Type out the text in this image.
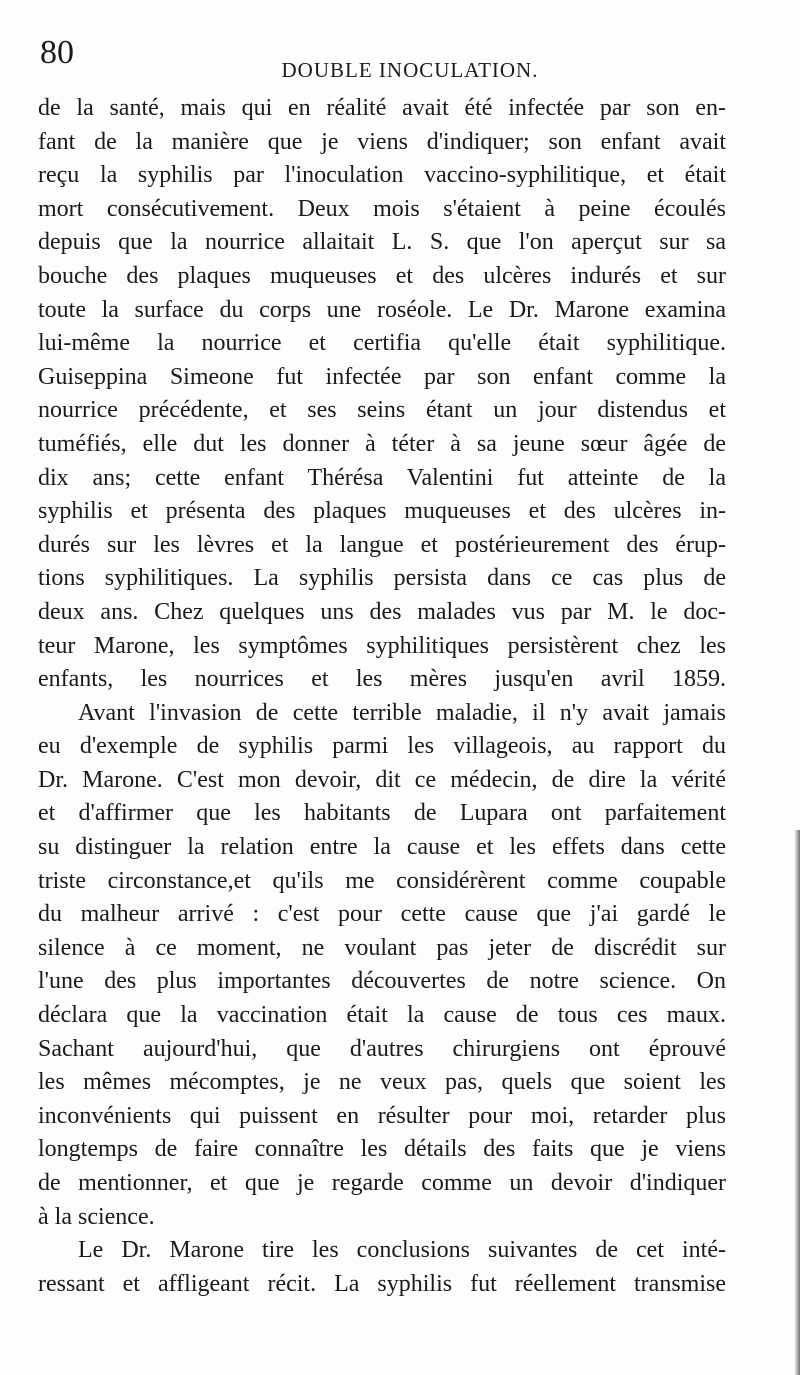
80	DOUBLE INOCULATION.
de la santé, mais qui en réalité avait été infectée par son en-
fant de la manière que je viens d'indiquer; son enfant avait
reçu la syphilis par l'inoculation vaccino-syphilitique, et était
mort consécutivement. Deux mois s'étaient à peine écoulés
depuis que la nourrice allaitait L. S. que l'on aperçut sur sa
bouche des plaques muqueuses et des ulcères indurés et sur
toute la surface du corps une roséole. Le Dr. Marone examina
lui-même la nourrice et certifia qu'elle était syphilitique.
Guiseppina Simeone fut infectée par son enfant comme la
nourrice précédente, et ses seins étant un jour distendus et
tuméfiés, elle dut les donner à téter à sa jeune sœur âgée de
dix ans; cette enfant Thérésa Valentini fut atteinte de la
syphilis et présenta des plaques muqueuses et des ulcères in-
durés sur les lèvres et la langue et postérieurement des érup-
tions syphilitiques. La syphilis persista dans ce cas plus de
deux ans. Chez quelques uns des malades vus par M. le doc-
teur Marone, les symptômes syphilitiques persistèrent chez les
enfants, les nourrices et les mères jusqu'en avril 1859.
Avant l'invasion de cette terrible maladie, il n'y avait jamais
eu d'exemple de syphilis parmi les villageois, au rapport du
Dr. Marone. C'est mon devoir, dit ce médecin, de dire la vérité
et d'affirmer que les habitants de Lupara ont parfaitement
su distinguer la relation entre la cause et les effets dans cette
triste circonstance,et qu'ils me considérèrent comme coupable
du malheur arrivé : c'est pour cette cause que j'ai gardé le
silence à ce moment, ne voulant pas jeter de discrédit sur
l'une des plus importantes découvertes de notre science. On
déclara que la vaccination était la cause de tous ces maux.
Sachant aujourd'hui, que d'autres chirurgiens ont éprouvé
les mêmes mécomptes, je ne veux pas, quels que soient les
inconvénients qui puissent en résulter pour moi, retarder plus
longtemps de faire connaître les détails des faits que je viens
de mentionner, et que je regarde comme un devoir d'indiquer
à la science.
Le Dr. Marone tire les conclusions suivantes de cet inté-
ressant et affligeant récit. La syphilis fut réellement transmise
